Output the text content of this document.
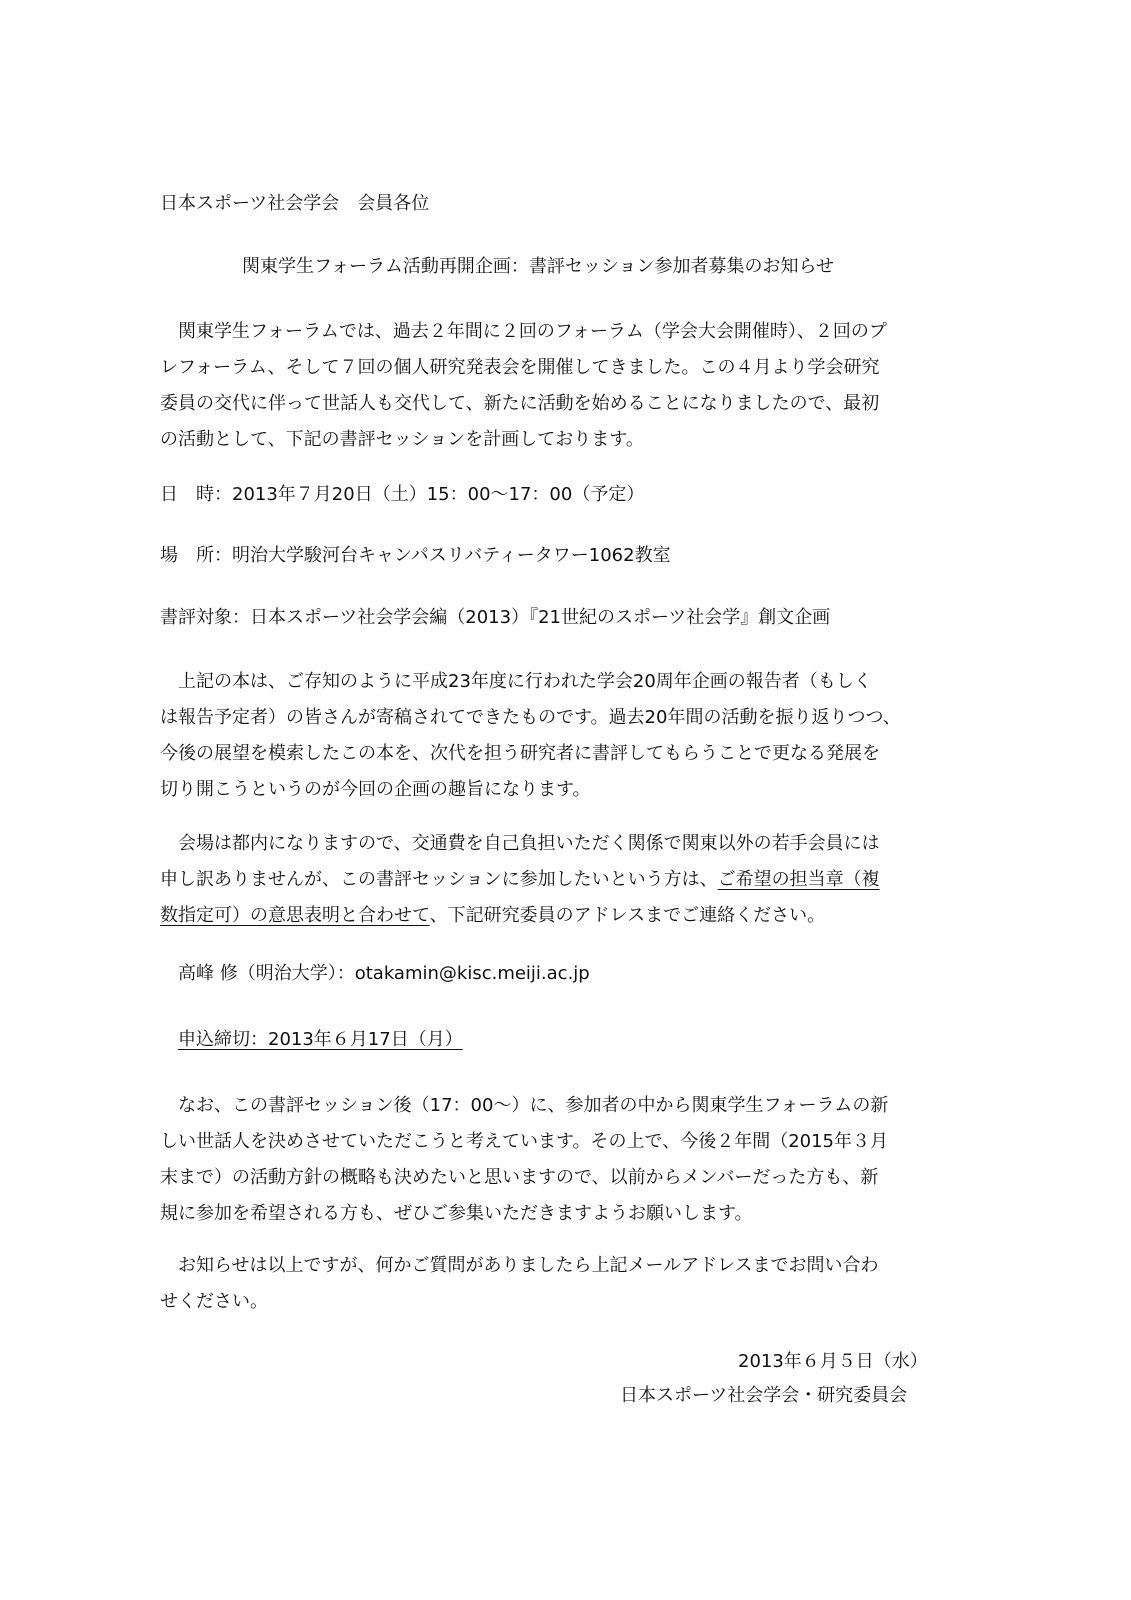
日本スポーツ社会学会　会員各位
関東学生フォーラム活動再開企画：書評セッション参加者募集のお知らせ
関東学生フォーラムでは、過去２年間に２回のフォーラム（学会大会開催時）、２回のプ
レフォーラム、そして７回の個人研究発表会を開催してきました。この４月より学会研究
委員の交代に伴って世話人も交代して、新たに活動を始めることになりましたので、最初
の活動として、下記の書評セッションを計画しております。
日　時：2013年７月20日（土）15：00～17：00（予定）
場　所：明治大学駿河台キャンパスリバティータワー1062教室
書評対象：日本スポーツ社会学会編（2013）『21世紀のスポーツ社会学』創文企画
上記の本は、ご存知のように平成23年度に行われた学会20周年企画の報告者（もしく
は報告予定者）の皆さんが寄稿されてできたものです。過去20年間の活動を振り返りつつ、
今後の展望を模索したこの本を、次代を担う研究者に書評してもらうことで更なる発展を
切り開こうというのが今回の企画の趣旨になります。
会場は都内になりますので、交通費を自己負担いただく関係で関東以外の若手会員には
申し訳ありませんが、この書評セッションに参加したいという方は、ご希望の担当章（複
数指定可）の意思表明と合わせて、下記研究委員のアドレスまでご連絡ください。
高峰 修（明治大学）：otakamin@kisc.meiji.ac.jp
申込締切：2013年６月17日（月）
なお、この書評セッション後（17：00～）に、参加者の中から関東学生フォーラムの新
しい世話人を決めさせていただこうと考えています。その上で、今後２年間（2015年３月
末まで）の活動方針の概略も決めたいと思いますので、以前からメンバーだった方も、新
規に参加を希望される方も、ぜひご参集いただきますようお願いします。
お知らせは以上ですが、何かご質問がありましたら上記メールアドレスまでお問い合わ
せください。
2013年６月５日（水）
日本スポーツ社会学会・研究委員会
